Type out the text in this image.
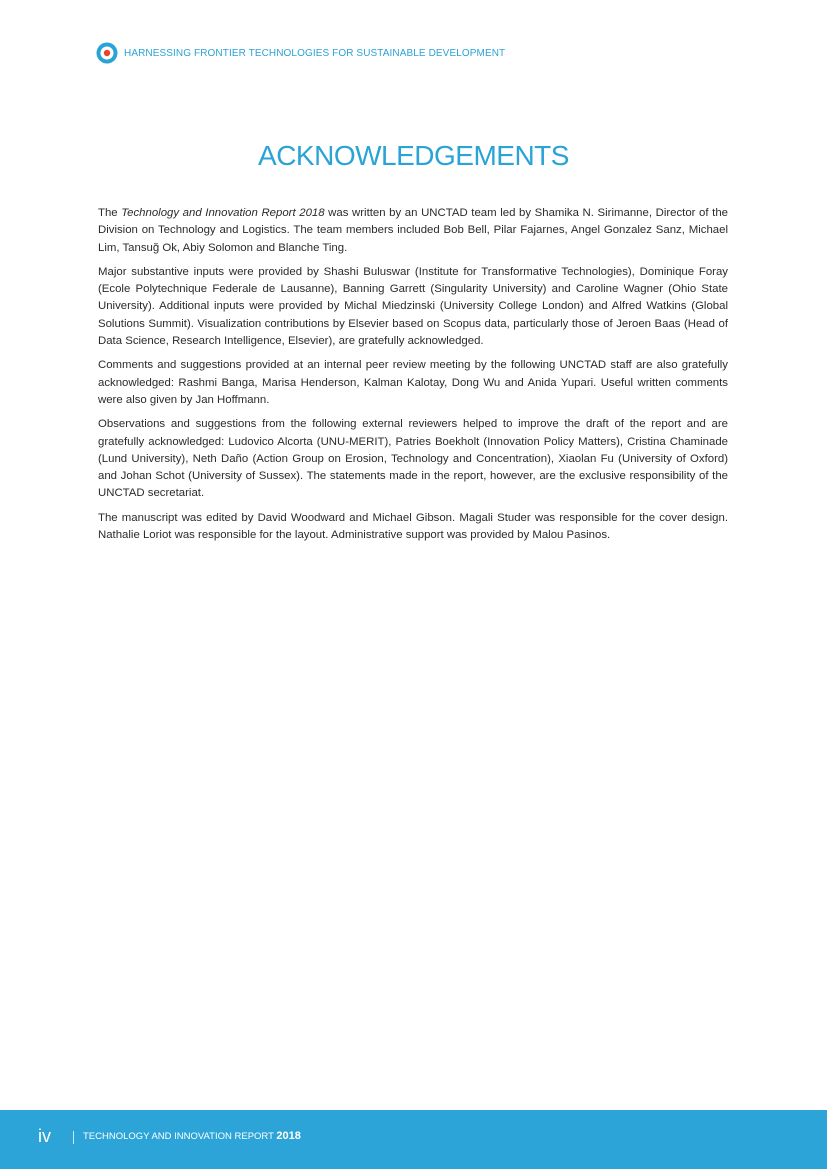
HARNESSING FRONTIER TECHNOLOGIES FOR SUSTAINABLE DEVELOPMENT
ACKNOWLEDGEMENTS

The Technology and Innovation Report 2018 was written by an UNCTAD team led by Shamika N. Sirimanne, Director of the Division on Technology and Logistics. The team members included Bob Bell, Pilar Fajarnes, Angel Gonzalez Sanz, Michael Lim, Tansuğ Ok, Abiy Solomon and Blanche Ting.

Major substantive inputs were provided by Shashi Buluswar (Institute for Transformative Technologies), Dominique Foray (Ecole Polytechnique Federale de Lausanne), Banning Garrett (Singularity University) and Caroline Wagner (Ohio State University). Additional inputs were provided by Michal Miedzinski (University College London) and Alfred Watkins (Global Solutions Summit). Visualization contributions by Elsevier based on Scopus data, particularly those of Jeroen Baas (Head of Data Science, Research Intelligence, Elsevier), are gratefully acknowledged.

Comments and suggestions provided at an internal peer review meeting by the following UNCTAD staff are also gratefully acknowledged: Rashmi Banga, Marisa Henderson, Kalman Kalotay, Dong Wu and Anida Yupari. Useful written comments were also given by Jan Hoffmann.

Observations and suggestions from the following external reviewers helped to improve the draft of the report and are gratefully acknowledged: Ludovico Alcorta (UNU-MERIT), Patries Boekholt (Innovation Policy Matters), Cristina Chaminade (Lund University), Neth Daño (Action Group on Erosion, Technology and Concentration), Xiaolan Fu (University of Oxford) and Johan Schot (University of Sussex). The statements made in the report, however, are the exclusive responsibility of the UNCTAD secretariat.

The manuscript was edited by David Woodward and Michael Gibson. Magali Studer was responsible for the cover design. Nathalie Loriot was responsible for the layout. Administrative support was provided by Malou Pasinos.

iv	TECHNOLOGY AND INNOVATION REPORT 2018
